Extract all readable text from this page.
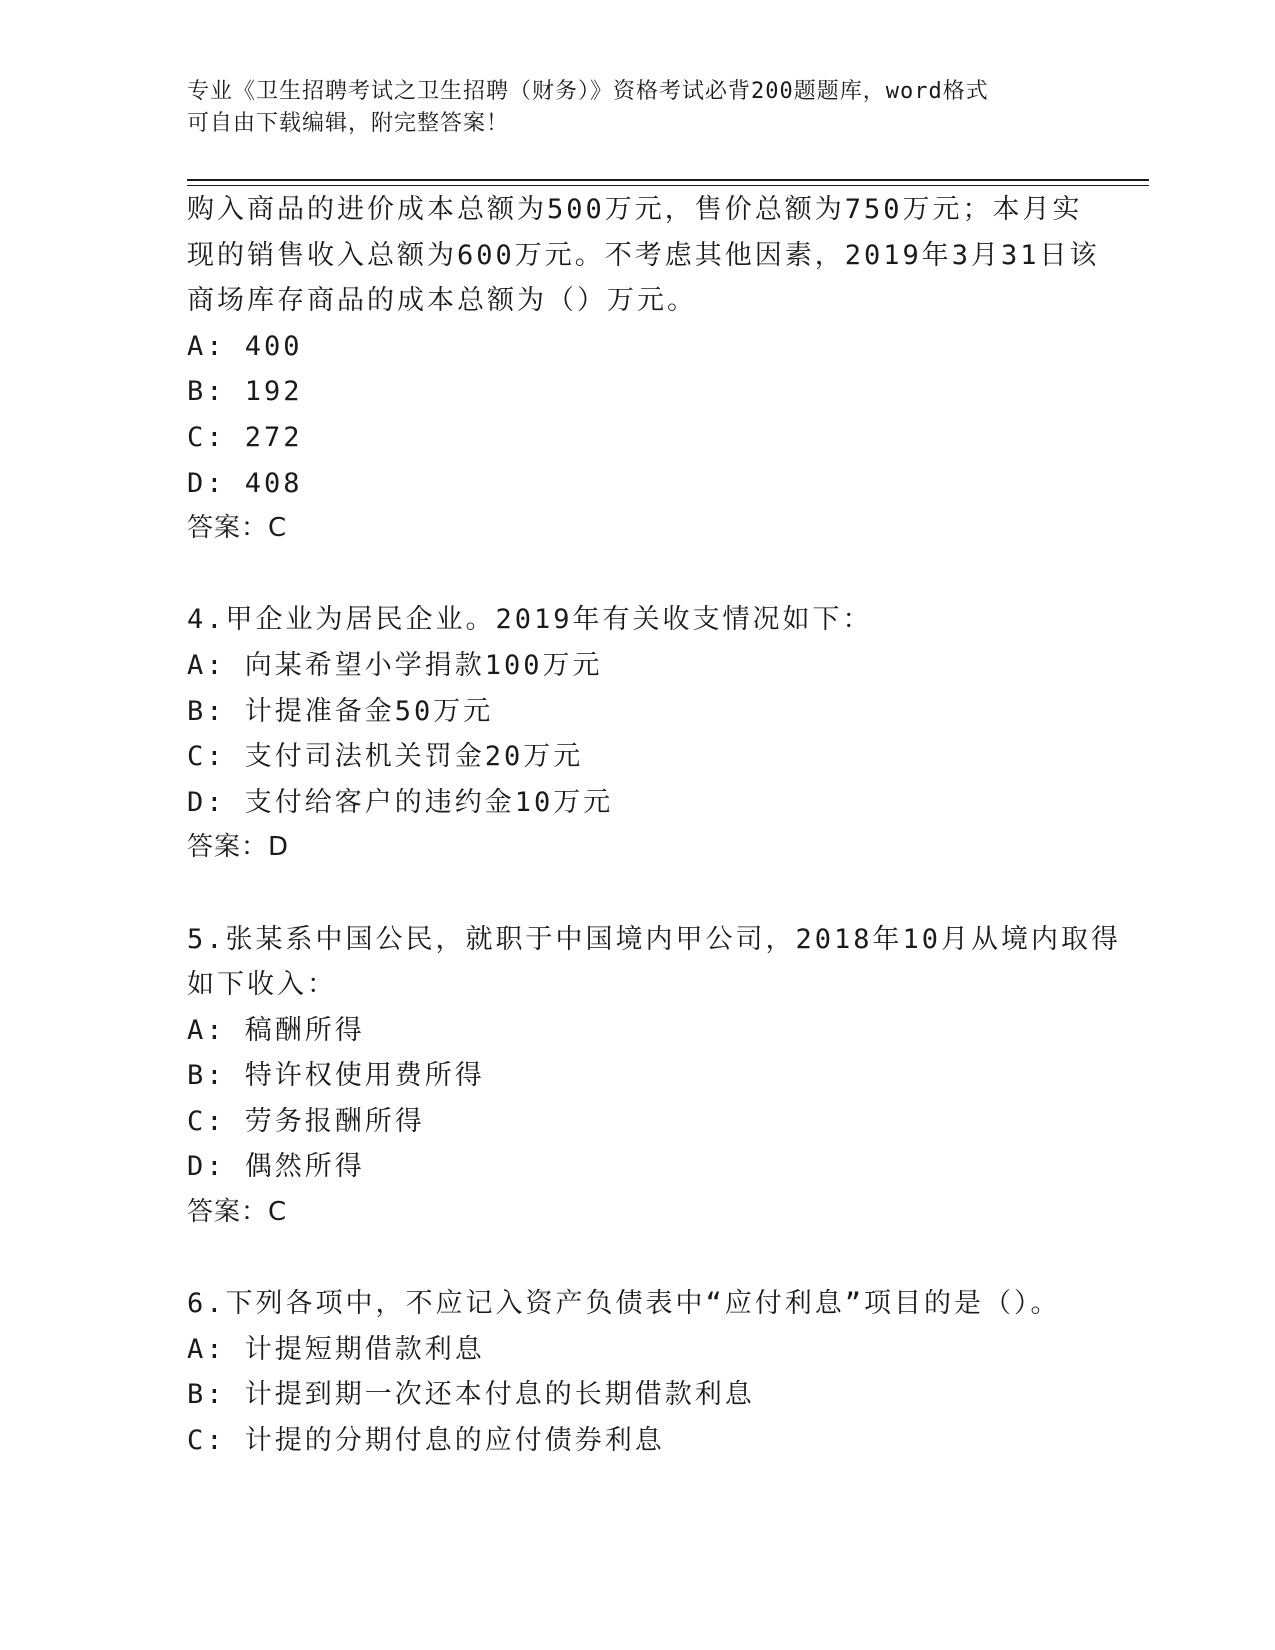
专业《卫生招聘考试之卫生招聘（财务）》资格考试必背200题题库，word格式
可自由下载编辑，附完整答案！
购入商品的进价成本总额为500万元，售价总额为750万元；本月实
现的销售收入总额为600万元。不考虑其他因素，2019年3月31日该
商场库存商品的成本总额为（）万元。
A: 400
B: 192
C: 272
D: 408
答案：C
4.甲企业为居民企业。2019年有关收支情况如下：
A: 向某希望小学捐款100万元
B: 计提准备金50万元
C: 支付司法机关罚金20万元
D: 支付给客户的违约金10万元
答案：D
5.张某系中国公民，就职于中国境内甲公司，2018年10月从境内取得
如下收入：
A: 稿酬所得
B: 特许权使用费所得
C: 劳务报酬所得
D: 偶然所得
答案：C
6.下列各项中，不应记入资产负债表中“应付利息”项目的是（）。
A: 计提短期借款利息
B: 计提到期一次还本付息的长期借款利息
C: 计提的分期付息的应付债券利息
